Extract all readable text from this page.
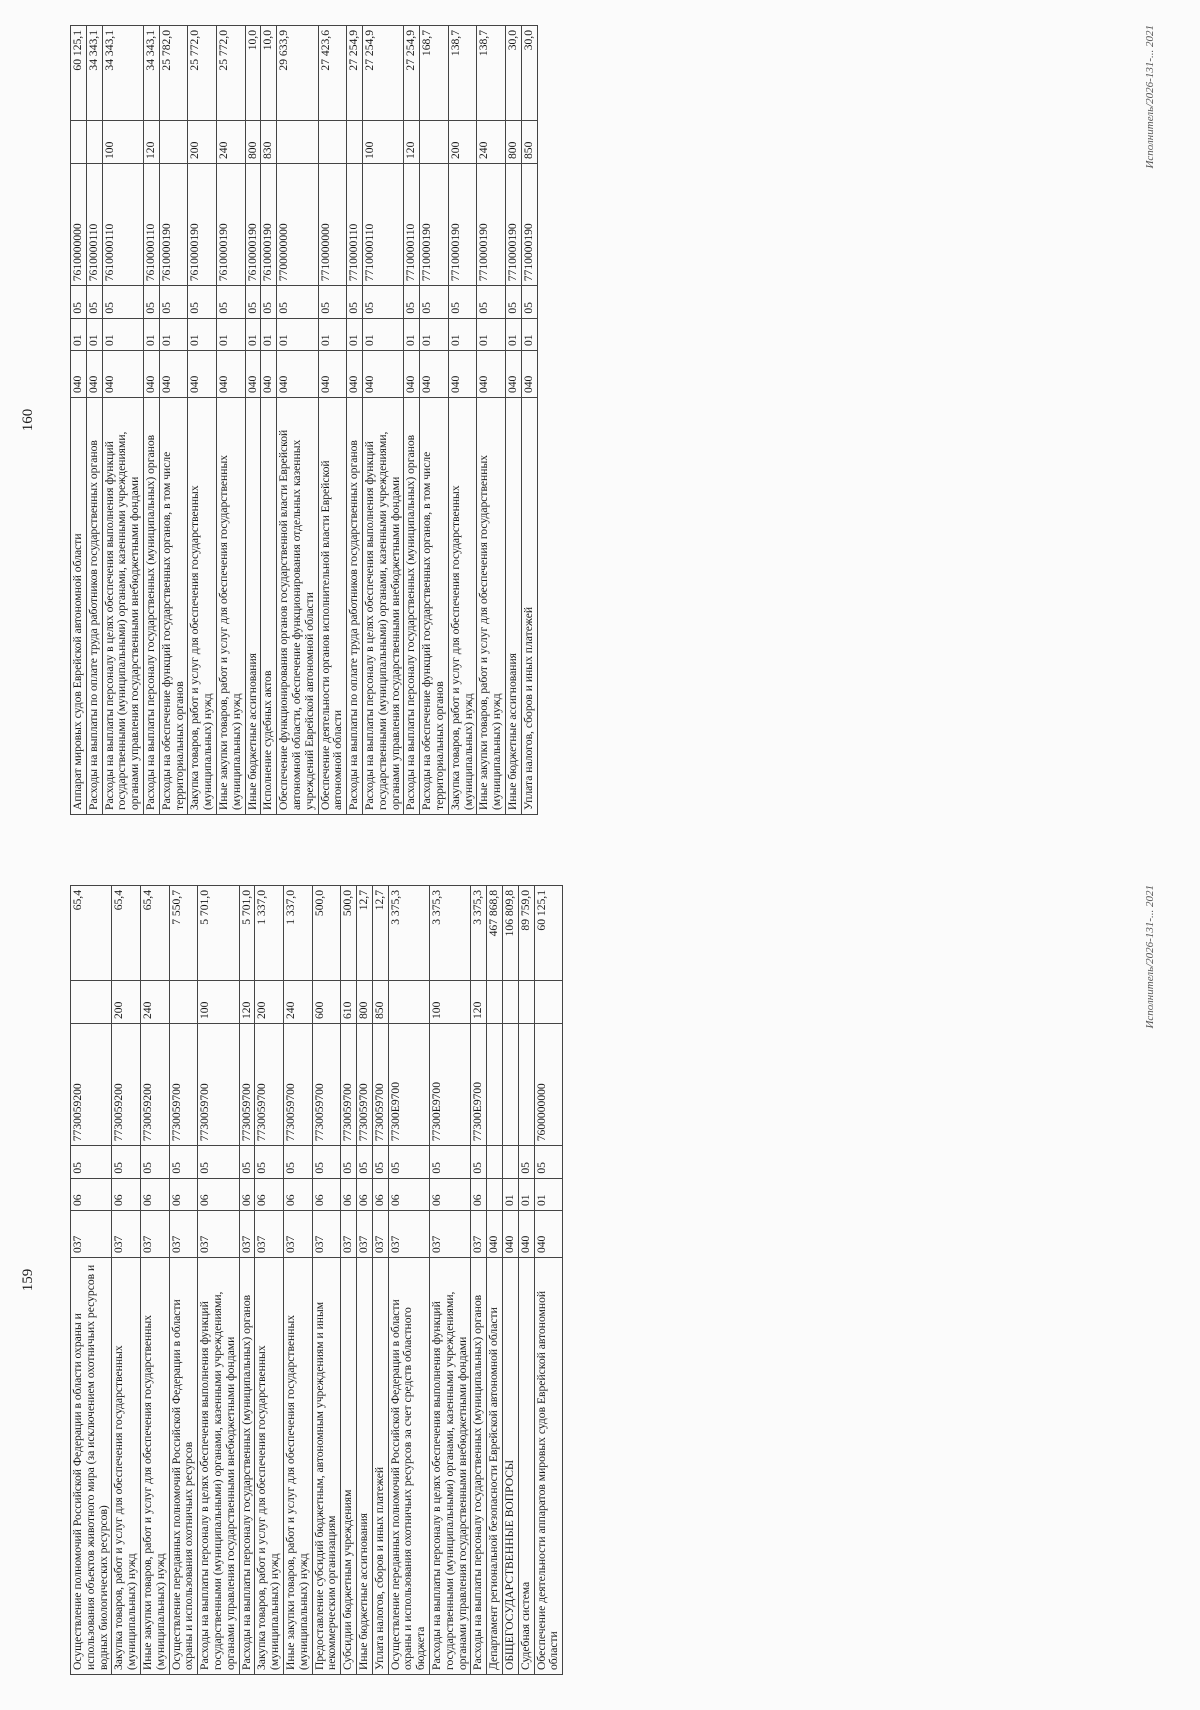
159
Осуществление полномочий Российской Федерации в области охраны и использования объектов животного мира (за исключением охотничьих ресурсов и водных биологических ресурсов)	037	06	05	7730059200		65,4
Закупка товаров, работ и услуг для обеспечения государственных (муниципальных) нужд	037	06	05	7730059200	200	65,4
Иные закупки товаров, работ и услуг для обеспечения государственных (муниципальных) нужд	037	06	05	7730059200	240	65,4
Осуществление переданных полномочий Российской Федерации в области охраны и использования охотничьих ресурсов	037	06	05	7730059700		7 550,7
Расходы на выплаты персоналу в целях обеспечения выполнения функций государственными (муниципальными) органами, казенными учреждениями, органами управления государственными внебюджетными фондами	037	06	05	7730059700	100	5 701,0
Расходы на выплаты персоналу государственных (муниципальных) органов	037	06	05	7730059700	120	5 701,0
Закупка товаров, работ и услуг для обеспечения государственных (муниципальных) нужд	037	06	05	7730059700	200	1 337,0
Иные закупки товаров, работ и услуг для обеспечения государственных (муниципальных) нужд	037	06	05	7730059700	240	1 337,0
Предоставление субсидий бюджетным, автономным учреждениям и иным некоммерческим организациям	037	06	05	7730059700	600	500,0
Субсидии бюджетным учреждениям	037	06	05	7730059700	610	500,0
Иные бюджетные ассигнования	037	06	05	7730059700	800	12,7
Уплата налогов, сборов и иных платежей	037	06	05	7730059700	850	12,7
Осуществление переданных полномочий Российской Федерации в области охраны и использования охотничьих ресурсов за счет средств областного бюджета	037	06	05	77300Е9700		3 375,3
Расходы на выплаты персоналу в целях обеспечения выполнения функций государственными (муниципальными) органами, казенными учреждениями, органами управления государственными внебюджетными фондами	037	06	05	77300Е9700	100	3 375,3
Расходы на выплаты персоналу государственных (муниципальных) органов	037	06	05	77300Е9700	120	3 375,3
Департамент региональной безопасности Еврейской автономной области	040					467 868,8
ОБЩЕГОСУДАРСТВЕННЫЕ ВОПРОСЫ	040	01				106 809,8
Судебная система	040	01	05			89 759,0
Обеспечение деятельности аппаратов мировых судов Еврейской автономной области	040	01	05	7600000000		60 125,1	Исполнитель/2026-131-... 2021
160
Аппарат мировых судов Еврейской автономной области	040	01	05	7610000000		60 125,1
Расходы на выплаты по оплате труда работников государственных органов	040	01	05	7610000110		34 343,1
Расходы на выплаты персоналу в целях обеспечения выполнения функций государственными (муниципальными) органами, казенными учреждениями, органами управления государственными внебюджетными фондами	040	01	05	7610000110	100	34 343,1
Расходы на выплаты персоналу государственных (муниципальных) органов	040	01	05	7610000110	120	34 343,1
Расходы на обеспечение функций государственных органов, в том числе территориальных органов	040	01	05	7610000190		25 782,0
Закупка товаров, работ и услуг для обеспечения государственных (муниципальных) нужд	040	01	05	7610000190	200	25 772,0
Иные закупки товаров, работ и услуг для обеспечения государственных (муниципальных) нужд	040	01	05	7610000190	240	25 772,0
Иные бюджетные ассигнования	040	01	05	7610000190	800	10,0
Исполнение судебных актов	040	01	05	7610000190	830	10,0
Обеспечение функционирования органов государственной власти Еврейской автономной области, обеспечение функционирования отдельных казенных учреждений Еврейской автономной области	040	01	05	7700000000		29 633,9
Обеспечение деятельности органов исполнительной власти Еврейской автономной области	040	01	05	7710000000		27 423,6
Расходы на выплаты по оплате труда работников государственных органов	040	01	05	7710000110		27 254,9
Расходы на выплаты персоналу в целях обеспечения выполнения функций государственными (муниципальными) органами, казенными учреждениями, органами управления государственными внебюджетными фондами	040	01	05	7710000110	100	27 254,9
Расходы на выплаты персоналу государственных (муниципальных) органов	040	01	05	7710000110	120	27 254,9
Расходы на обеспечение функций государственных органов, в том числе территориальных органов	040	01	05	7710000190		168,7
Закупка товаров, работ и услуг для обеспечения государственных (муниципальных) нужд	040	01	05	7710000190	200	138,7
Иные закупки товаров, работ и услуг для обеспечения государственных (муниципальных) нужд	040	01	05	7710000190	240	138,7
Иные бюджетные ассигнования	040	01	05	7710000190	800	30,0
Уплата налогов, сборов и иных платежей	040	01	05	7710000190	850	30,0	Исполнитель/2026-131-... 2021
